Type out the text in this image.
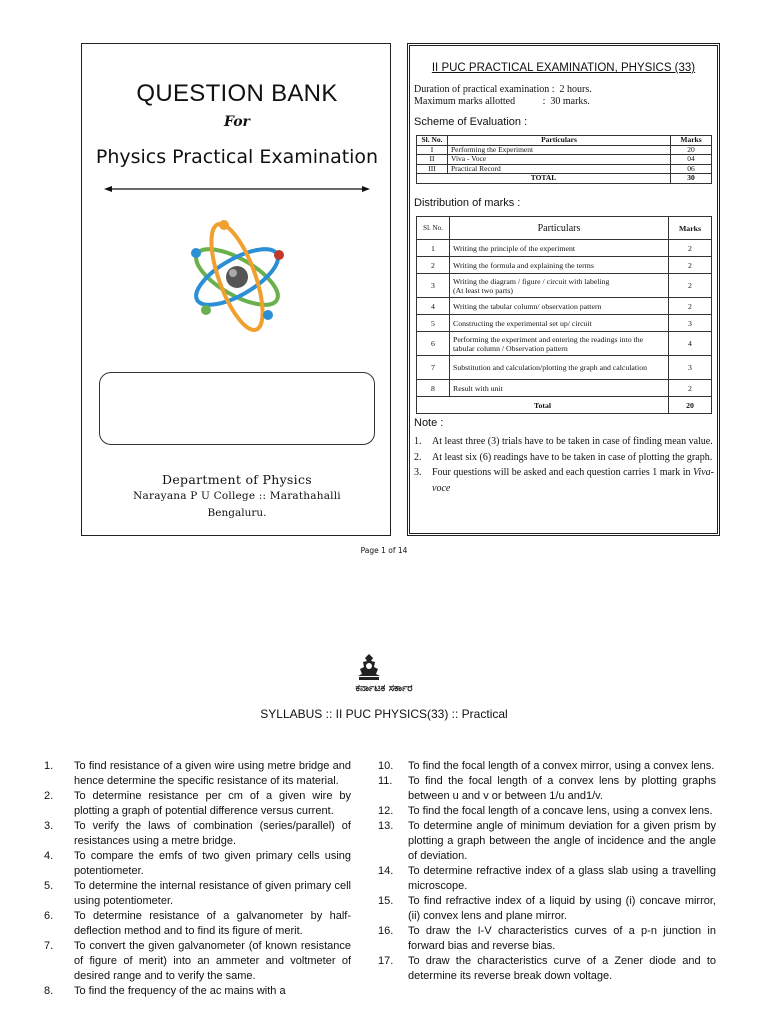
QUESTION BANK
For
Physics Practical Examination
Department of Physics
Narayana P U College :: Marathahalli
Bengaluru.
II PUC PRACTICAL EXAMINATION, PHYSICS (33)
Duration of practical examination :  2 hours.
Maximum marks allotted           :  30 marks.
Scheme of Evaluation :
Sl. No.	Particulars	Marks
I	Performing the Experiment	20
II	Viva - Voce	04
III	Practical Record	06
TOTAL		30
Distribution of marks :
Sl. No.	Particulars	Marks
1	Writing the principle of the experiment	2
2	Writing the formula and explaining the terms	2
3	Writing the diagram / figure / circuit with labeling
(At least two parts)	2
4	Writing the tabular column/ observation pattern	2
5	Constructing the experimental set up/ circuit	3
6	Performing the experiment and entering the readings into the tabular column / Observation pattern	4
7	Substitution and calculation/plotting the graph and calculation	3
8	Result with unit	2
Total		20
Note :
1. At least three (3) trials have to be taken in case of finding mean value.
2. At least six (6) readings have to be taken in case of plotting the graph.
3. Four questions will be asked and each question carries 1 mark in Viva- voce
Page 1 of 14
ಕರ್ನಾಟಕ ಸರ್ಕಾರ
SYLLABUS :: II PUC PHYSICS(33) :: Practical
1. To find resistance of a given wire using metre bridge and hence determine the specific resistance of its material.
2. To determine resistance per cm of a given wire by plotting a graph of potential difference versus current.
3. To verify the laws of combination (series/parallel) of resistances using a metre bridge.
4. To compare the emfs of two given primary cells using potentiometer.
5. To determine the internal resistance of given primary cell using potentiometer.
6. To determine resistance of a galvanometer by half-deflection method and to find its figure of merit.
7. To convert the given galvanometer (of known resistance of figure of merit) into an ammeter and voltmeter of desired range and to verify the same.
8. To find the frequency of the ac mains with a
10. To find the focal length of a convex mirror, using a convex lens.
11. To find the focal length of a convex lens by plotting graphs between u and v or between 1/u and1/v.
12. To find the focal length of a concave lens, using a convex lens.
13. To determine angle of minimum deviation for a given prism by plotting a graph between the angle of incidence and the angle of deviation.
14. To determine refractive index of a glass slab using a travelling microscope.
15. To find refractive index of a liquid by using (i) concave mirror, (ii) convex lens and plane mirror.
16. To draw the I-V characteristics curves of a p-n junction in forward bias and reverse bias.
17. To draw the characteristics curve of a Zener diode and to determine its reverse break down voltage.
